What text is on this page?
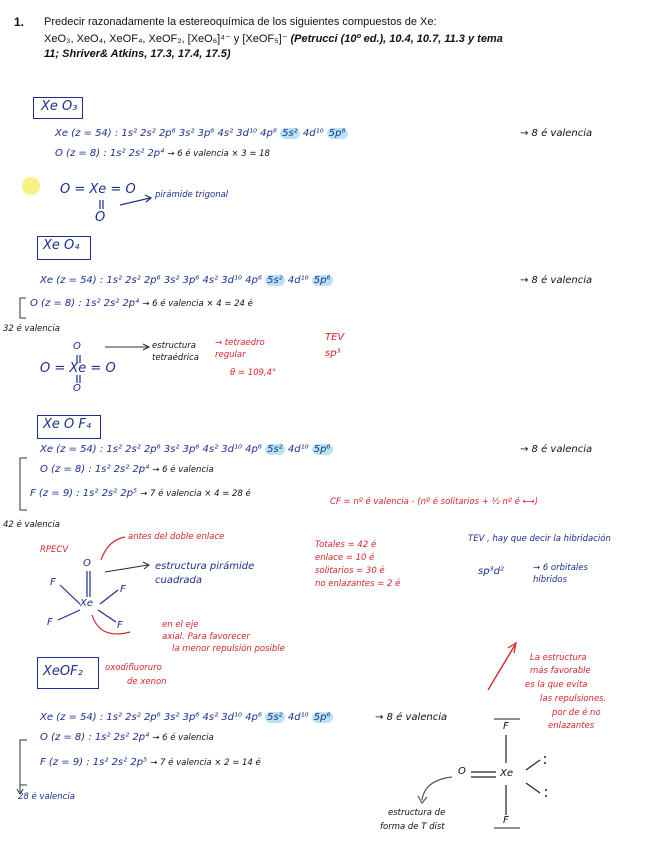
1. Predecir razonadamente la estereoquímica de los siguientes compuestos de Xe:
XeO₃, XeO₄, XeOF₄, XeOF₂, [XeO₆]⁴⁻ y [XeOF₅]⁻ (Petrucci (10º ed.), 10.4, 10.7, 11.3 y tema
11; Shriver& Atkins, 17.3, 17.4, 17.5)
Xe O₃
Xe (z = 54) : 1s² 2s² 2p⁶ 3s² 3p⁶ 4s² 3d¹⁰ 4p⁶ 5s² 4d¹⁰ 5p⁶	→ 8 é valencia
O (z = 8) : 1s² 2s² 2p⁴ → 6 é valencia × 3 = 18
O = Xe = O
O
pirámide trigonal
Xe O₄
Xe (z = 54) : 1s² 2s² 2p⁶ 3s² 3p⁶ 4s² 3d¹⁰ 4p⁶ 5s² 4d¹⁰ 5p⁶	→ 8 é valencia
O (z = 8) : 1s² 2s² 2p⁴ → 6 é valencia × 4 = 24 é
32 é valencia
O
O = Xe = O
O
estructura tetraédrica
→ tetraedro regular
θ = 109,4°
TEV
sp³
Xe O F₄
Xe (z = 54) : 1s² 2s² 2p⁶ 3s² 3p⁶ 4s² 3d¹⁰ 4p⁶ 5s² 4d¹⁰ 5p⁶	→ 8 é valencia
O (z = 8) : 1s² 2s² 2p⁴ → 6 é valencia
F (z = 9) : 1s² 2s² 2p⁵ → 7 é valencia × 4 = 28 é
CF = nº é valencia - (nº é solitarios + ½ nº é ⟷)
42 é valencia
RPECV
antes del doble enlace
estructura pirámide cuadrada
O
Xe
F
F
F	F	en el eje
axial. Para favorecer
la menor repulsión posible
Totales = 42 é
enlace = 10 é
solitarios = 30 é
no enlazantes = 2 é
TEV , hay que decir la hibridación
sp³d²	→ 6 orbitales híbridos
XeOF₂	oxodifluoruro
de xenon
Xe (z = 54) : 1s² 2s² 2p⁶ 3s² 3p⁶ 4s² 3d¹⁰ 4p⁶ 5s² 4d¹⁰ 5p⁶	→ 8 é valencia
O (z = 8) : 1s² 2s² 2p⁴ → 6 é valencia
F (z = 9) : 1s² 2s² 2p⁵ → 7 é valencia × 2 = 14 é
28 é valencia
La estructura
más favorable
es la que evita
las repulsiones.
por de é no
enlazantes
F
O	Xe
F
estructura de
forma de T dist
